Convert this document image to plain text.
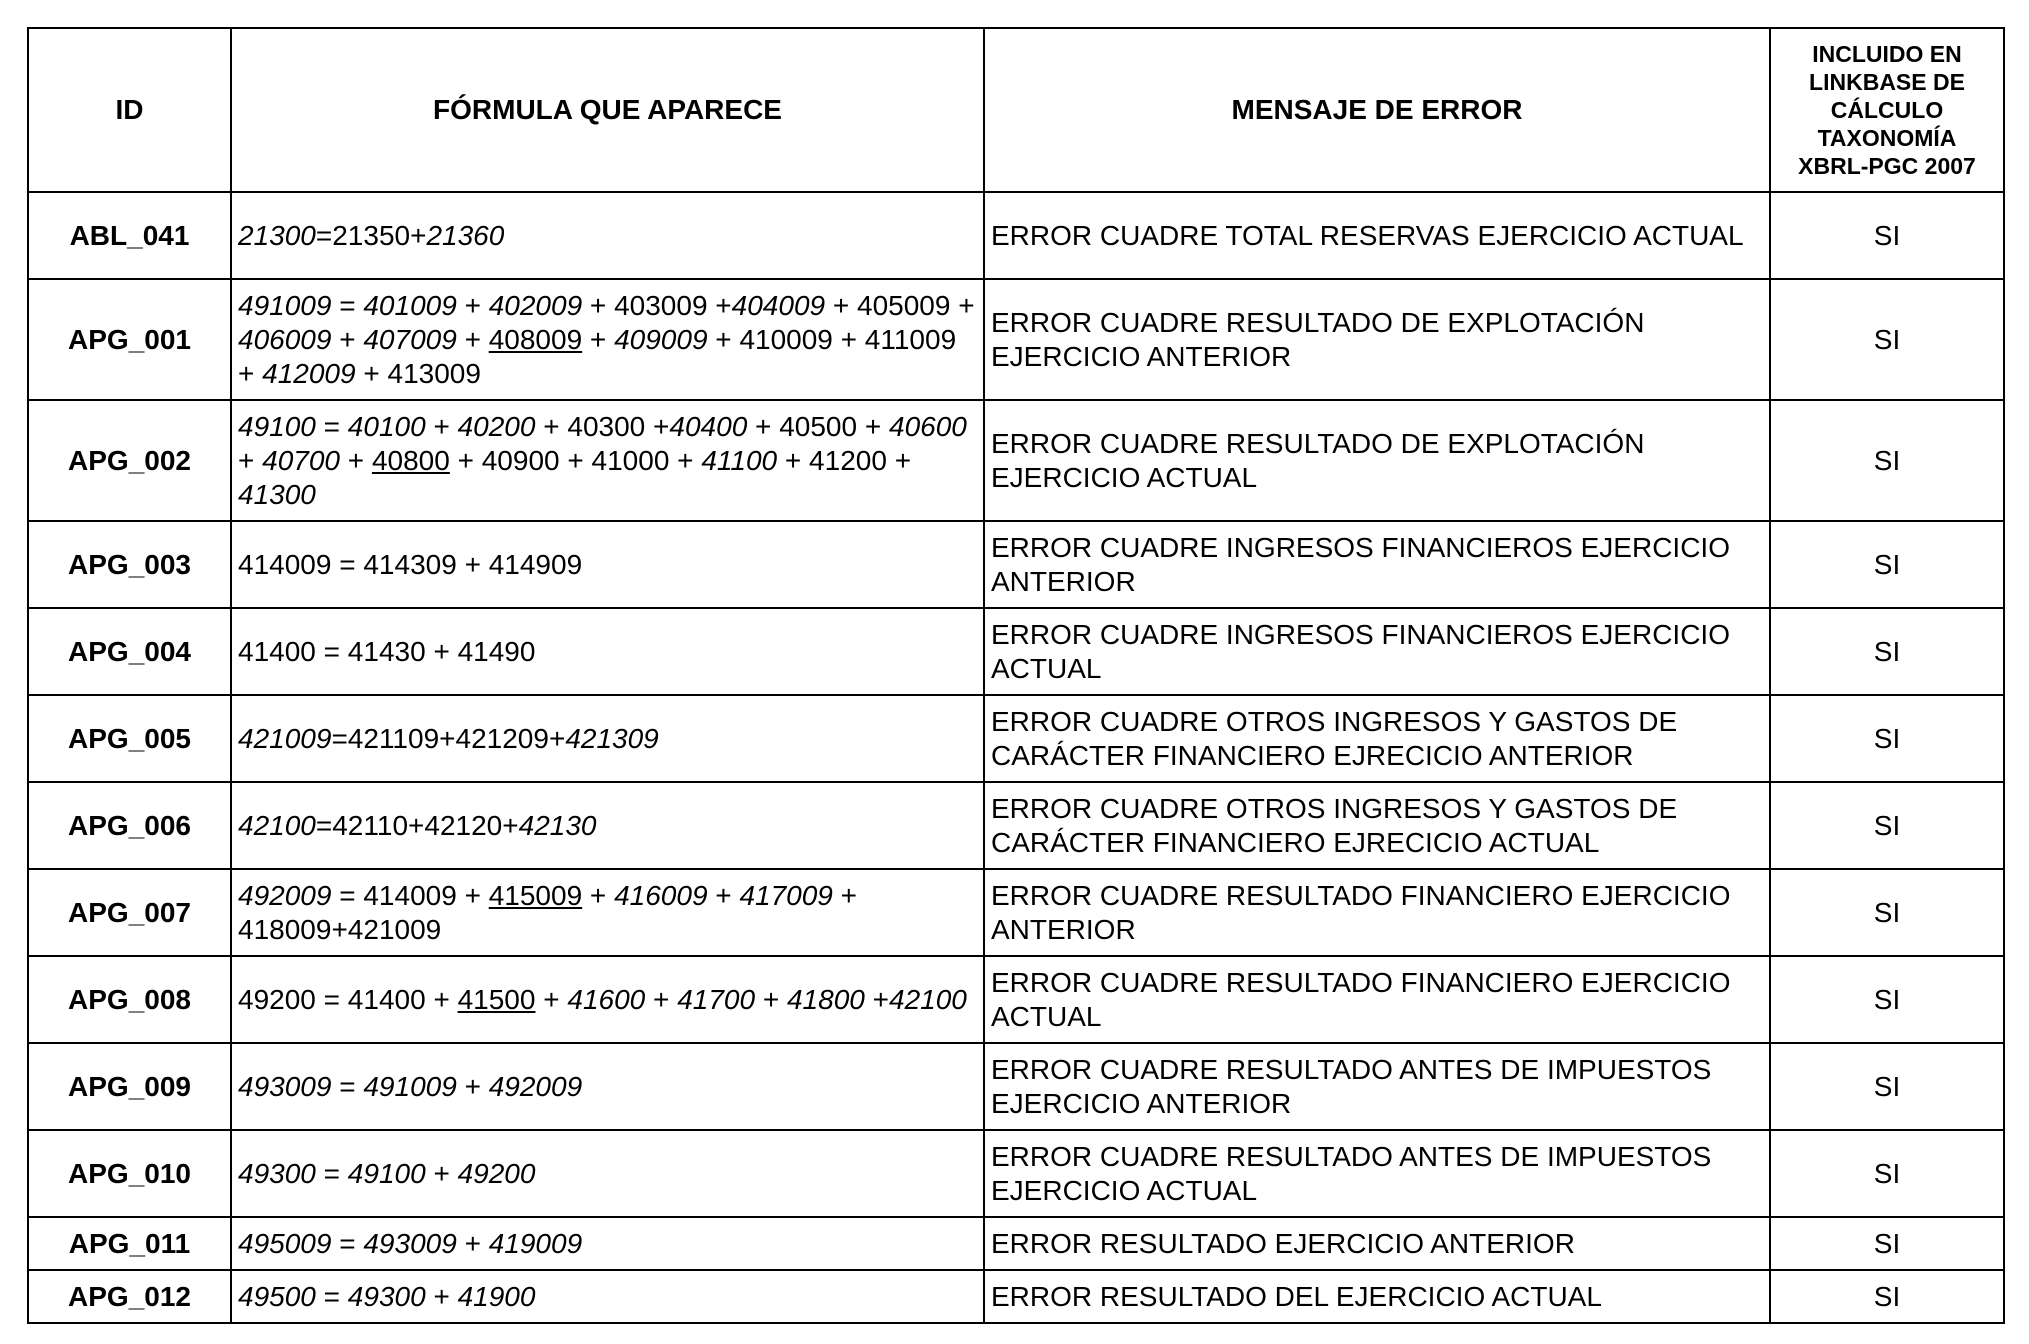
ID	FÓRMULA QUE APARECE	MENSAJE DE ERROR	INCLUIDO EN
LINKBASE DE
CÁLCULO
TAXONOMÍA
XBRL-PGC 2007
ABL_041	21300=21350+21360	ERROR CUADRE TOTAL RESERVAS EJERCICIO ACTUAL	SI
APG_001	491009 = 401009 + 402009 + 403009 +404009 + 405009 + 406009 + 407009 + 408009 + 409009 + 410009 + 411009 + 412009 + 413009	ERROR CUADRE RESULTADO DE EXPLOTACIÓN EJERCICIO ANTERIOR	SI
APG_002	49100 = 40100 + 40200 + 40300 +40400 + 40500 + 40600 + 40700 + 40800 + 40900 + 41000 + 41100 + 41200 + 41300	ERROR CUADRE RESULTADO DE EXPLOTACIÓN EJERCICIO ACTUAL	SI
APG_003	414009 = 414309 + 414909	ERROR CUADRE INGRESOS FINANCIEROS EJERCICIO ANTERIOR	SI
APG_004	41400 = 41430 + 41490	ERROR CUADRE INGRESOS FINANCIEROS EJERCICIO ACTUAL	SI
APG_005	421009=421109+421209+421309	ERROR CUADRE OTROS INGRESOS Y GASTOS DE CARÁCTER FINANCIERO EJRECICIO ANTERIOR	SI
APG_006	42100=42110+42120+42130	ERROR CUADRE OTROS INGRESOS Y GASTOS DE CARÁCTER FINANCIERO EJRECICIO ACTUAL	SI
APG_007	492009 = 414009 + 415009 + 416009 + 417009 + 418009+421009	ERROR CUADRE RESULTADO FINANCIERO EJERCICIO ANTERIOR	SI
APG_008	49200 = 41400 + 41500 + 41600 + 41700 + 41800 +42100	ERROR CUADRE RESULTADO FINANCIERO EJERCICIO ACTUAL	SI
APG_009	493009 = 491009 + 492009	ERROR CUADRE RESULTADO ANTES DE IMPUESTOS EJERCICIO ANTERIOR	SI
APG_010	49300 = 49100 + 49200	ERROR CUADRE RESULTADO ANTES DE IMPUESTOS EJERCICIO ACTUAL	SI
APG_011	495009 = 493009 + 419009	ERROR RESULTADO EJERCICIO ANTERIOR	SI
APG_012	49500 = 49300 + 41900	ERROR RESULTADO DEL EJERCICIO ACTUAL	SI
